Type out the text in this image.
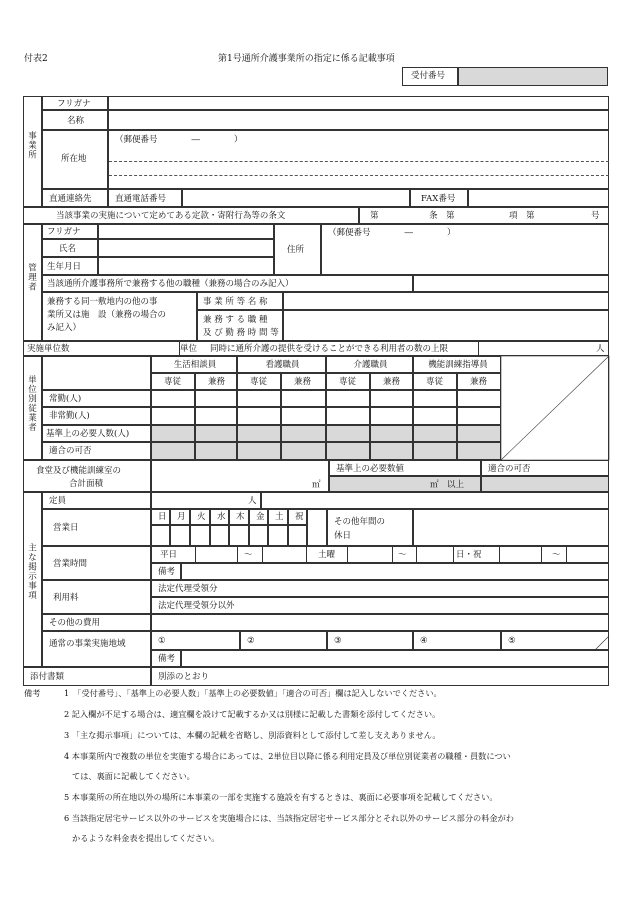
付表2	第1号通所介護事業所の指定に係る記載事項
受付番号
事業所
フリガナ
名称
所在地
（郵便番号　　　　―　　　　）
直通連絡先	直通電話番号	FAX番号
当該事業の実施について定めてある定款・寄附行為等の条文	第	条　第	項　第	号
管理者
フリガナ
氏名
生年月日
住所
（郵便番号　　　　―　　　　）
当該通所介護事務所で兼務する他の職種（兼務の場合のみ記入）
兼務する同一敷地内の他の事
業所又は施　設（兼務の場合の
み記入）
事 業 所 等 名 称
兼 務 す る 職 種
及 び 勤 務 時 間 等
実施単位数	単位 同時に通所介護の提供を受けることができる利用者の数の上限	人
単位別従業者
生活相談員	看護職員	介護職員	機能訓練指導員
専従	兼務	専従	兼務	専従	兼務	専従	兼務
常勤(人)
非常勤(人)
基準上の必要人数(人)
適合の可否
食堂及び機能訓練室の
合計面積	㎡
基準上の必要数値
㎡　以上
適合の可否
主な掲示事項
定員	人
営業日
日 月 火 水 木 金 土 祝	その他年間の
休日
営業時間
平日	～	土曜	～	日・祝	～
備考
利用料
法定代理受領分
法定代理受領分以外
その他の費用
通常の事業実施地域	①	②	③	④	⑤
備考
添付書類	別添のとおり
備考	1　「受付番号」、「基準上の必要人数」「基準上の必要数値」「適合の可否」欄は記入しないでください。
2 記入欄が不足する場合は、適宜欄を設けて記載するか又は別様に記載した書類を添付してください。
3 「主な掲示事項」については、本欄の記載を省略し、別添資料として添付して差し支えありません。
4 本事業所内で複数の単位を実施する場合にあっては、2単位目以降に係る利用定員及び単位別従業者の職種・員数につい
ては、裏面に記載してください。
5 本事業所の所在地以外の場所に本事業の一部を実施する施設を有するときは、裏面に必要事項を記載してください。
6 当該指定居宅サービス以外のサービスを実施場合には、当該指定居宅サービス部分とそれ以外のサービス部分の料金がわ
かるような料金表を提出してください。
